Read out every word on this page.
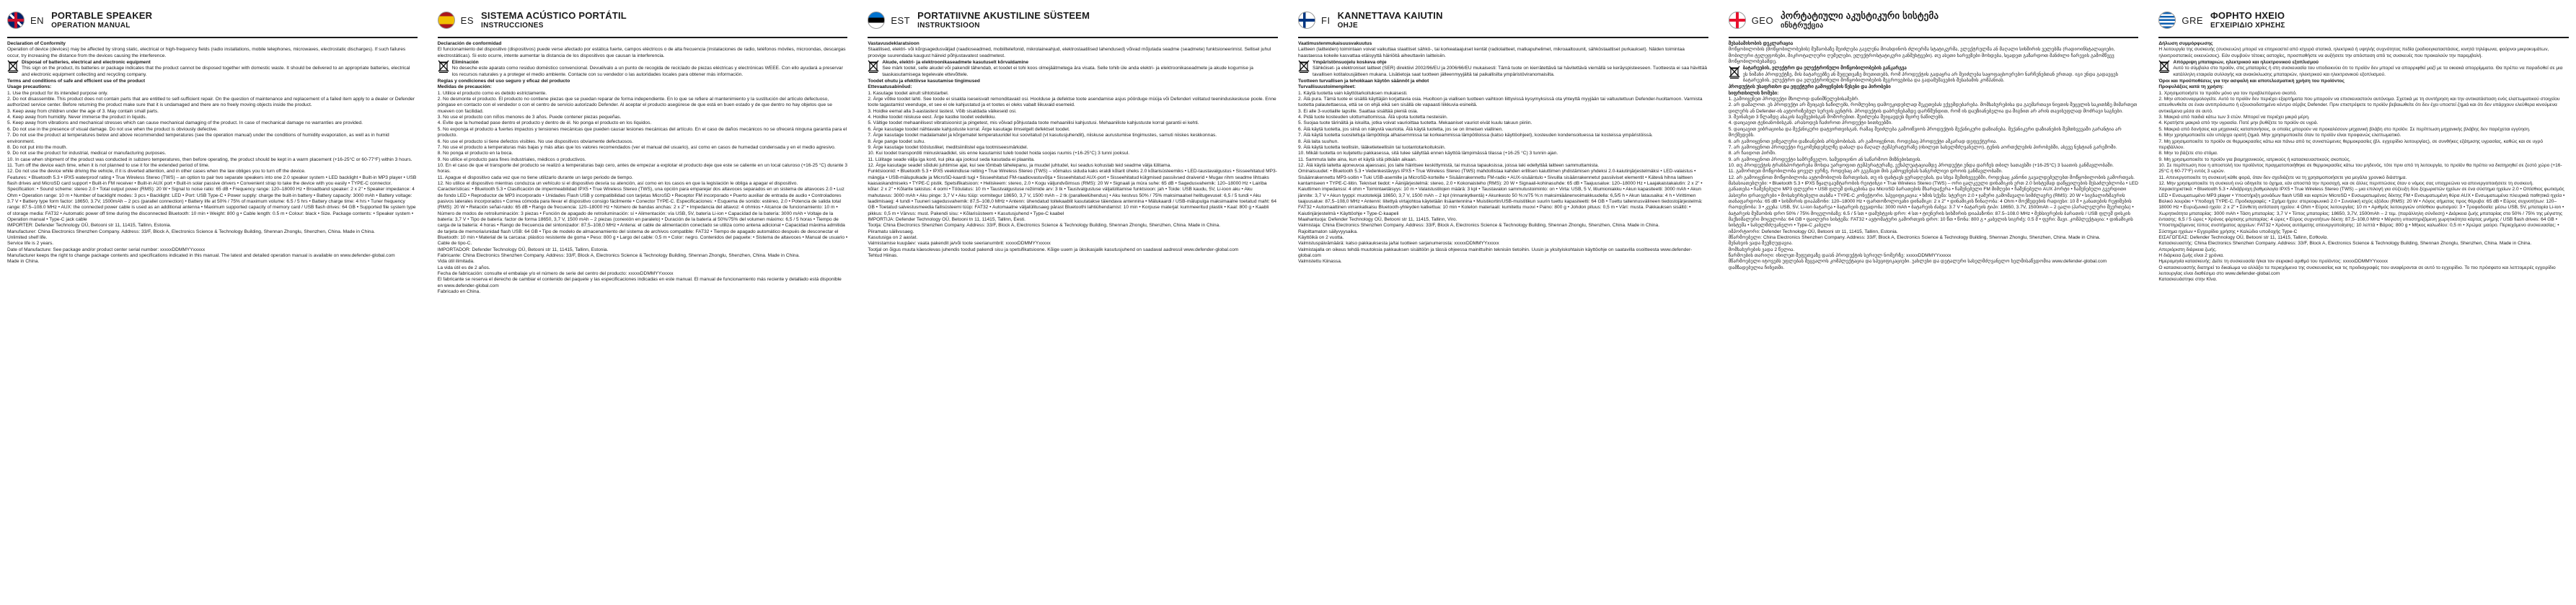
EN PORTABLE SPEAKER
OPERATION MANUAL

Declaration of Conformity

Operation of device (devices) may be affected by strong static, electrical or high-frequency fields (radio installations, mobile telephones, microwaves, electrostatic discharges). If such failures occur, try increasing the distance from the devices causing the interference.

Disposal of batteries, electrical and electronic equipment

This sign on the product, its batteries or package indicates that the product cannot be disposed together with domestic waste. It should be delivered to an appropriate batteries, electrical and electronic equipment collecting and recycling company.

Terms and conditions of safe and efficient use of the product

Usage precautions:

1. Use the product for its intended purpose only.

2. Do not disassemble. This product does not contain parts that are entitled to self-sufficient repair. On the question of maintenance and replacement of a failed item apply to a dealer or Defender authorized service center. Before returning the product make sure that it is undamaged and there are no freely moving objects inside the product.

3. Keep away from children under the age of 3. May contain small parts.

4. Keep away from humidity. Never immerse the product in liquids.

5. Keep away from vibrations and mechanical stresses which can cause mechanical damaging of the product. In case of mechanical damage no warranties are provided.

6. Do not use in the presence of visual damage. Do not use when the product is obviously defective.

7. Do not use the product at temperatures below and above recommended temperatures (see the operation manual) under the conditions of humidity evaporation, as well as in humid environment.

8. Do not put into the mouth.

9. Do not use the product for industrial, medical or manufacturing purposes.

10. In case when shipment of the product was conducted in subzero temperatures, then before operating, the product should be kept in a warm placement (+16-25°C or 60-77°F) within 3 hours.

11. Turn off the device each time, when it is not planned to use it for the extended period of time.

12. Do not use the device while driving the vehicle, if it is diverted attention, and in other cases when the law obliges you to turn off the device.

Features: • Bluetooth 5.3 • IPX5 waterproof rating • True Wireless Stereo (TWS) – an option to pair two separate speakers into one 2.0 speaker system • LED backlight • Built-in MP3 player • USB flash drives and MicroSD card support • Built-in FM receiver • Built-in AUX port • Built-in solar passive drivers • Convenient strap to take the device with you easily • TYPE-C connector. Specification: • Sound scheme: stereo 2.0 • Total output power (RMS): 20 W • Signal to noise ratio: 65 dB • Frequency range: 120–18000 Hz • Broadband speaker: 2 x 2" • Speaker impedance: 4 Ohm • Operation range: 10 m • Number of backlight modes: 3 pcs • Backlight: LED • Port: USB Type-C • Power supply: charge the built-in battery • Battery capacity: 3000 mAh • Battery voltage: 3.7 V • Battery type form factor: 18650, 3.7V, 1500mAh – 2 pcs (parallel connection) • Battery life at 50% / 75% of maximum volume: 6.5 / 5 hrs • Battery charge time: 4 hrs • Tuner frequency range: 87.5–108.0 MHz • AUX: the connected power cable is used as an additional antenna • Maximum supported capacity of memory card / USB flash drives: 64 GB • Supported file system type of storage media: FAT32 • Automatic power off time during the disconnected Bluetooth: 10 min • Weight: 800 g • Cable length: 0.5 m • Colour: black • Size. Package contents: • Speaker system • Operation manual • Type-C jack cable

IMPORTER: Defender Technology OÜ, Betooni str 11, 11415, Tallinn, Estonia.

Manufacturer: China Electronics Shenzhen Company. Address: 33/F, Block A, Electronics Science & Technology Building, Shennan Zhonglu, Shenzhen, China. Made in China.

Unlimited shelf life.

Service life is 2 years.

Date of Manufacture: See package and/or product center serial number: xxxxxDDMMYYxxxxx

Manufacturer keeps the right to change package contents and specifications indicated in this manual. The latest and detailed operation manual is available on www.defender-global.com

Made in China.

ES SISTEMA ACÚSTICO PORTÁTIL
INSTRUCCIONES

Declaración de conformidad

El funcionamiento del dispositivo (dispositivos) puede verse afectado por estática fuerte, campos eléctricos o de alta frecuencia (instalaciones de radio, teléfonos móviles, microondas, descargas electrostáticas). Si esto ocurre, intente aumentar la distancia de los dispositivos que causan la interferencia.

Eliminación

No deseche este aparato como residuo doméstico convencional. Devuélvalo a un punto de recogida de reciclado de piezas eléctricas y electrónicas WEEE. Con ello ayudará a preservar los recursos naturales y a proteger el medio ambiente. Contacte con su vendedor o las autoridades locales para obtener más información.

Reglas y condiciones del uso seguro y eficaz del producto

Medidas de precaución:

1. Utilice el producto como es debido estrictamente.

2. No desmonte el producto. El producto no contiene piezas que se puedan reparar de forma independiente. En lo que se refiere al mantenimiento y la sustitución del artículo defectuoso, póngase en contacto con el vendedor o con el centro de servicio autorizado Defender. Al aceptar el producto asegúrese de que está en buen estado y de que dentro no hay objetos que se mueven con facilidad.

3. No use el producto con niños menores de 3 años. Puede contener piezas pequeñas.

4. Evite que la humedad pase dentro el producto y dentro de él. No ponga el producto en los líquidos.

5. No exponga el producto a fuertes impactos y tensiones mecánicas que pueden causar lesiones mecánicas del artículo. En el caso de daños mecánicos no se ofrecerá ninguna garantía para el producto.

6. No use el producto si tiene defectos visibles. No use dispositivos obviamente defectuosos.

7. No use el producto a temperaturas más bajas y más altas que los valores recomendados (ver el manual del usuario), así como en casos de humedad condensada y en el medio agresivo.

8. No ponga el producto en la boca.

9. No utilice el producto para fines industriales, médicos o productivos.

10. En el caso de que el transporte del producto se realizó a temperaturas bajo cero, antes de empezar a explotar el producto deje que este se caliente en un local caluroso (+16-25 °C) durante 3 horas.

11. Apague el dispositivo cada vez que no tiene utilizarlo durante un largo periodo de tiempo.

12. No utilice el dispositivo mientras conduzca un vehículo si el dispositivo desvía su atención, así como en los casos en que la legislación le obliga a apagar el dispositivo.

Características: • Bluetooth 5.3 • Clasificación de impermeabilidad IPX5 • True Wireless Stereo (TWS), una opción para emparejar dos altavoces separados en un sistema de altavoces 2.0 • Luz de fondo LED • Reproductor de MP3 incorporado • Unidades Flash USB y compatibilidad con tarjetas MicroSD • Receptor FM incorporado • Puerto auxiliar de entrada de audio • Controladores pasivos laterales incorporados • Correa cómoda para llevar el dispositivo consigo fácilmente • Conector TYPE-C. Especificaciones: • Esquema de sonido: estéreo, 2.0 • Potencia de salida total (RMS): 20 W • Relación señal-ruido: 65 dB • Rango de frecuencia: 120–18000 Hz • Número de bandas anchas: 2 x 2" • Impedancia del altavoz: 4 ohmios • Alcance de funcionamiento: 10 m • Número de modos de retroiluminación: 3 piezas • Función de apagado de retroiluminación: sí • Alimentación: vía USB, 5V, batería Li-ion • Capacidad de la batería: 3000 mAh • Voltaje de la batería: 3,7 V • Tipo de batería: factor de forma 18650, 3,7 V, 1500 mAh – 2 piezas (conexión en paralelo) • Duración de la batería al 50%/75% del volumen máximo: 6,5 / 5 horas • Tiempo de carga de la batería: 4 horas • Rango de frecuencia del sintonizador: 87,5–108,0 MHz • Antena: el cable de alimentación conectado se utiliza como antena adicional • Capacidad máxima admitida de tarjeta de memoria/unidad flash USB: 64 GB • Tipo de modelo de almacenamiento del sistema de archivos compatible: FAT32 • Tiempo de apagado automático después de desconectar el Bluetooth: 10 min • Material de la carcasa: plástico resistente de goma • Peso: 800 g • Largo del cable: 0,5 m • Color: negro. Contenidos del paquete: • Sistema de altavoces • Manual de usuario • Cable de tipo-C.

IMPORTADOR: Defender Technology OÜ, Betooni str 11, 11415, Tallinn, Estonia.

Fabricante: China Electronics Shenzhen Company. Address: 33/F, Block A, Electronics Science & Technology Building, Shennan Zhonglu, Shenzhen, China. Made in China.

Vida útil ilimitada.

La vida útil es de 2 años.

Fecha de fabricación: consulte el embalaje y/o el número de serie del centro del producto: xxxxxDDMMYYxxxxx

El fabricante se reserva el derecho de cambiar el contenido del paquete y las especificaciones indicadas en este manual. El manual de funcionamiento más reciente y detallado está disponible en www.defender-global.com

Fabricado en China.

EST PORTATIIVNE AKUSTILINE SÜSTEEM
INSTRUKTSIOON

Vastavusdeklaratsioon

Staatilised, elektri- või kõrgsagedusväljad (raadioseadmed, mobiiltelefonid, mikrolaineahjud, elektrostaatilised lahendused) võivad mõjutada seadme (seadmete) funktsioneerimist. Sellisel juhul proovige suurendada kaugust häireid põhjustavatest seadmetest.

Akude, elektri- ja elektroonikaseadmete kasutuselt kõrvaldamine

See märk tootel, selle akudel või pakendil tähendab, et toodet ei tohi koos olmejäätmetega ära visata. Selle tohib üle anda elektri- ja elektroonikaseadmete ja akude kogumise ja taaskasutamisega tegelevale ettevõttele.

Toodet ohutu ja efektiivse kasutamise tingimused

Ettevaatusabinõud:

1. Kasutage toodet ainult sihtotstarbel.

2. Ärge võtke toodet lahti. See toode ei sisalda iseseisvalt remonditavaid osi. Hoolduse ja defektse toote asendamise asjus pöörduge müüja või Defenderi volitatud teeninduskeskuse poole. Enne toote tagastamist veenduge, et see ei ole kahjustatud ja et tootes ei oleks vabalt liikuvaid esemeid.

3. Hoidke eemal alla 3-aastastest lastest. Võib sisaldada väikeseid osi.

4. Hoidke toodet niiskuse eest. Ärge kastke toodet vedelikku.

5. Vältige toodet mehaanilisest vibratsioonist ja pingetest, mis võivad põhjustada toote mehaanilisi kahjustusi. Mehaaniliste kahjustuste korral garantii ei kehti.

6. Ärge kasutage toodet nähtavate kahjustuste korral. Ärge kasutage ilmselgelt defektset toodet.

7. Ärge kasutage toodet madalamatel ja kõrgematel temperatuuridel kui soovitatud (vt kasutusjuhendit), niiskuse aurustumise tingimustes, samuti niiskes keskkonnas.

8. Ärge pange toodet suhu.

9. Ärge kasutage toodet tööstuslikel, meditsiinilistel ega tootmiseesmärkidel.

10. Kui toodet transporditi miinuskraadidel, siis enne kasutamist tuleb toodet hoida soojas ruumis (+16-25°C) 3 tunni jooksul.

11. Lülitage seade välja iga kord, kui pika aja jooksul seda kasutada ei plaanita.

12. Ärge kasutage seadet sõiduki juhtimise ajal, kui see tõmbab tähelepanu, ja muudel juhtudel, kui seadus kohustab teid seadme välja lülitama.

Funktsioonid: • Bluetooth 5.3 • IPX5 veekindluse reiting • True Wireless Stereo (TWS) – võimalus siduda kaks eraldi kõlarit üheks 2.0 kõlarisüsteemiks • LED-taustavalgustus • Sisseehitatud MP3-mängija • USB-mälupulkade ja MicroSD-kaardi tugi • Sisseehitatud FM-raadiovastuvõtja • Sisseehitatud AUX-port • Sisseehitatud külgmised passiivsed draiverid • Mugav rihm seadme lihtsaks kaasaskandmiseks • TYPE-C pistik. Spetsifikatsioon: • Heliskeem: stereo, 2.0 • Kogu väljundvõimsus (RMS): 20 W • Signaali ja müra suhe: 65 dB • Sagedusvahemik: 120–18000 Hz • Lairiba kõlar: 2 x 2" • Kõlarite takistus: 4 oomi • Tööulatus: 10 m • Taustvalgustuse režiimide arv: 3 tk • Taustvalgustuse väljalülitamise funktsioon: jah • Toide: USB kaudu, 5V, Li-ioon aku • Aku mahutavus: 3000 mAh • Aku pinge: 3,7 V • Aku tüüp: vormitegur 18650, 3,7 V, 1500 mAh – 2 tk (paralleelühendus) • Aku kestvus 50% / 75% maksimaalsel helitugevusel: 6,5 / 5 tundi • Aku laadimisaeg: 4 tundi • Tuuneri sagedusvahemik: 87,5–108,0 MHz • Antenn: ühendatud toitekaablit kasutatakse täiendava antennina • Mälukaardi / USB-mälupulga maksimaalne toetatud maht: 64 GB • Toetatud salvestusmeedia failisüsteemi tüüp: FAT32 • Automaatne väljalülitusaeg pärast Bluetoothi lahtiühendamist: 10 min • Korpuse materjal: kummeeritud plastik • Kaal: 800 g • Kaabli pikkus: 0,5 m • Värvus: must. Pakendi sisu: • Kõlarisüsteem • Kasutusjuhend • Type-C kaabel

IMPORTIJA: Defender Technology OÜ, Betooni tn 11, 11415, Tallinn, Eesti.

Tootja: China Electronics Shenzhen Company. Address: 33/F, Block A, Electronics Science & Technology Building, Shennan Zhonglu, Shenzhen, China. Made in China.

Piiramatu säilivusaeg.

Kasutusiga on 2 aastat.

Valmistamise kuupäev: vaata pakendit ja/või toote seerianumbrit: xxxxxDDMMYYxxxxx

Tootjal on õigus muuta käesolevas juhendis toodud pakendi sisu ja spetsifikatsioone. Kõige uuem ja üksikasjalik kasutusjuhend on saadaval aadressil www.defender-global.com

Tehtud Hiinas.

FI KANNETTAVA KAIUTIN
OHJE

Vaatimustenmukaisuusvakuutus

Laitteen (laitteiden) toimintaan voivat vaikuttaa staattiset sähkö-, tai korkeataajuiset kentät (radiolaitteet, matkapuhelimet, mikroaaltouunit, sähköstaattiset purkaukset). Näiden toimintaa haastaessa kokeile kasvattaa etäisyyttä häiriöitä aiheuttaviin laitteisiin.

Ympäristönsuojelu koskeva ohje

Sähköiset- ja elektroniset laitteet (SER) direktiivi 2002/96/EU ja 2006/66/EU mukaisesti: Tämä tuote on kierrätettävä tai hävitettävä viemällä se keräyspisteeseen. Tuotteesta ei saa hävittää tavallisen kotitalousjätteen mukana. Lisätietoja saat tuotteen jälleenmyyjältä tai paikallisilta ympäristöviranomaisilta.

Tuotteen turvallisen ja tehokkaan käytön säännöt ja ehdot

Turvallisuustoimenpiteet:

1. Käytä tuotetta vain käyttötarkoituksen mukaisesti.

2. Älä pura. Tämä tuote ei sisällä käyttäjän korjattavia osia. Huoltoon ja viallisen tuotteen vaihtoon liittyvissä kysymyksissä ota yhteyttä myyjään tai valtuutettuun Defender-huoltamoon. Varmista tuotetta palautettaessa, että se on ehjä eikä sen sisällä ole vapaasti liikkuvia esineitä.

3. Ei alle 3-vuotiaille lapsille. Saattaa sisältää pieniä osia.

4. Pidä tuote kosteuden ulottumattomissa. Älä upota tuotetta nesteisiin.

5. Suojaa tuote tärinältä ja iskuilta, jotka voivat vaurioittaa tuotetta. Mekaaniset vauriot eivät kuulu takuun piiriin.

6. Älä käytä tuotetta, jos siinä on näkyviä vaurioita. Älä käytä tuotetta, jos se on ilmeisen viallinen.

7. Älä käytä tuotetta suositeltuja lämpötiloja alhaisemmissa tai korkeammissa lämpötiloissa (katso käyttöohjeet), kosteuden kondensoituessa tai kosteissa ympäristöissä.

8. Älä laita suuhun.

9. Älä käytä tuotetta teollisiin, lääketieteellisiin tai tuotantotarkoituksiin.

10. Mikäli tuotetta on kuljetettu pakkasessa, sitä tulee säilyttää ennen käyttöä lämpimässä tilassa (+16-25 °C) 3 tunnin ajan.

11. Sammuta laite aina, kun et käytä sitä pitkään aikaan.

12. Älä käytä laitetta ajoneuvoa ajaessasi, jos laite häiritsee keskittymistä, tai muissa tapauksissa, joissa laki edellyttää laitteen sammuttamista.

Ominaisuudet: • Bluetooth 5.3 • Vedenkestävyys IPX5 • True Wireless Stereo (TWS) mahdollistaa kahden erillisen kaiuttimen yhdistämisen yhdeksi 2.0-kaiutinjärjestelmäksi • LED-valaistus • Sisäänrakennettu MP3-soitin • Tuki USB-asemille ja MicroSD-korteille • Sisäänrakennettu FM-radio • AUX-sisääntulo • Sivuilla sisäänrakennetut passiiviset elementit • Kätevä hihna laitteen kantamiseen • TYPE-C-liitin. Tekniset tiedot: • Äänijärjestelmä: stereo, 2.0 • Kokonaisteho (RMS): 20 W • Signaali-kohinasuhde: 65 dB • Taajuusalue: 120–18000 Hz • Laajakaistakaiutin: 2 x 2" • Kaiuttimen impedanssi: 4 ohm • Toimintaetäisyys: 10 m • Valaistustilojen määrä: 3 kpl • Taustavalon sammutustoiminto: on • Virta: USB, 5 V, litiumioniakku • Akun kapasiteetti: 3000 mAh • Akun jännite: 3,7 V • Akun tyyppi: muototekijä 18650, 3,7 V, 1500 mAh – 2 kpl (rinnankytkentä) • Akunkesto 50 %:n/75 %:n maksimiäänenvoimakkuudella: 6,5/5 h • Akun latausaika: 4 h • Virittimen taajuusalue: 87,5–108,0 MHz • Antenni: liitettyä virtajohtoa käytetään lisäantennina • Muistikortin/USB-muistitikun suurin tuettu kapasiteetti: 64 GB • Tuettu tallennusvälineen tiedostojärjestelmä: FAT32 • Automaattinen virrankatkaisu Bluetooth-yhteyden katkettua: 10 min • Kotelon materiaali: kumitettu muovi • Paino: 800 g • Johdon pituus: 0,5 m • Väri: musta. Pakkauksen sisältö: • Kaiutinjärjestelmä • Käyttöohje • Type-C-kaapeli

Maahantuoja: Defender Technology OÜ, Betooni str 11, 11415, Tallinn, Viro.

Valmistaja: China Electronics Shenzhen Company. Address: 33/F, Block A, Electronics Science & Technology Building, Shennan Zhonglu, Shenzhen, China. Made in China.

Rajoittamaton säilyvyysaika.

Käyttöikä on 2 vuotta.

Valmistuspäivämäärä: katso pakkauksesta ja/tai tuotteen sarjanumerosta: xxxxxDDMMYYxxxxx

Valmistajalla on oikeus tehdä muutoksia pakkauksen sisältöön ja tässä ohjeessa mainittuihin teknisiin tietoihin. Uusin ja yksityiskohtaisin käyttöohje on saatavilla osoitteesta www.defender-global.com

Valmistettu Kiinassa.

GEO პორტატიული აკუსტიკური სისტემა
ინსტრუქცია

შესაბამისობის დეკლარაცია

მოწყობილობის (მოწყობილობების) მუშაობაზე შეიძლება გავლენა მოახდინოს ძლიერმა სტატიკურმა, ელექტრულმა ან მაღალი სიხშირის ველებმა (რადიოინსტალაციები, მობილური ტელეფონები, მიკროტალღური ღუმელები, ელექტროსტატიკური განმუხტვები). თუ ასეთი ხარვეზები მოხდება, სცადეთ გაზარდოთ მანძილი ჩარევის გამომწვევ მოწყობილობებამდე.

ბატარეების, ელექტრო და ელექტრონული მოწყობილობების განკარგვა

ეს ნიშანი პროდუქტზე, მის ბატარეებზე ან შეფუთვაზე მიუთითებს, რომ პროდუქტის გადაყრა არ შეიძლება საყოფაცხოვრებო ნარჩენებთან ერთად. იგი უნდა გადაეცეს ბატარეების, ელექტრო და ელექტრონული მოწყობილობების შეგროვებისა და გადამუშავების შესაბამის კომპანიას.

პროდუქტის უსაფრთხო და ეფექტური გამოყენების წესები და პირობები

სიფრთხილის ზომები:

1. გამოიყენეთ პროდუქტი მხოლოდ დანიშნულებისამებრ.

2. არ დაშალოთ. ეს პროდუქტი არ შეიცავს ნაწილებს, რომლებიც დამოუკიდებლად შეკეთებას ექვემდებარება. მომსახურებისა და გაუმართავი ნივთის შეცვლის საკითხზე მიმართეთ დილერს ან Defender-ის ავტორიზებულ სერვის ცენტრს. პროდუქტის დაბრუნებამდე დარწმუნდით, რომ ის დაუზიანებელია და შიგნით არ არის თავისუფლად მოძრავი საგნები.

3. შეინახეთ 3 წლამდე ასაკის ბავშვებისგან მოშორებით. შეიძლება შეიცავდეს მცირე ნაწილებს.

4. დაიცავით ტენიანობისგან. არასოდეს ჩაძიროთ პროდუქტი სითხეებში.

5. დაიცავით ვიბრაციისა და მექანიკური დატვირთვისგან, რამაც შეიძლება გამოიწვიოს პროდუქტის მექანიკური დაზიანება. მექანიკური დაზიანების შემთხვევაში გარანტია არ მოქმედებს.

6. არ გამოიყენოთ ვიზუალური დაზიანების არსებობისას. არ გამოიყენოთ, როდესაც პროდუქტი აშკარად დეფექტურია.

7. არ გამოიყენოთ პროდუქტი რეკომენდებულზე დაბალ და მაღალ ტემპერატურაზე (იხილეთ სახელმძღვანელო), ტენის აორთქლების პირობებში, ასევე ნესტიან გარემოში.

8. არ ჩაიდოთ პირში.

9. არ გამოიყენოთ პროდუქტი სამრეწველო, სამედიცინო ან საწარმოო მიზნებისთვის.

10. თუ პროდუქტის ტრანსპორტირება მოხდა უარყოფით ტემპერატურაზე, ექსპლუატაციამდე პროდუქტი უნდა დარჩეს თბილ სათავსში (+16-25°C) 3 საათის განმავლობაში.

11. გამორთეთ მოწყობილობა ყოველ ჯერზე, როდესაც არ გეგმავთ მის გამოყენებას ხანგრძლივი დროის განმავლობაში.

12. არ გამოიყენოთ მოწყობილობა ავტომობილის მართვისას, თუ ის ფანტავს ყურადღებას, და სხვა შემთხვევებში, როდესაც კანონი გავალდებულებთ მოწყობილობის გამორთვას.

მახასიათებლები: • Bluetooth 5.3 • IPX5 წყალგაუმტარობის რეიტინგი • True Wireless Stereo (TWS) – ორი ცალკეული დინამიკის ერთ 2.0 სისტემად დაწყვილების შესაძლებლობა • LED განათება • ჩაშენებული MP3 ფლეერი • USB ფლეშ დისკებისა და MicroSD ბარათების მხარდაჭერა • ჩაშენებული FM მიმღები • ჩაშენებული AUX პორტი • ჩაშენებული გვერდითი პასიური დრაივერები • მოსახერხებელი თასმა • TYPE-C კონექტორი. სპეციფიკაცია: • ხმის სქემა: სტერეო 2.0 • ჯამური გამომავალი სიმძლავრე (RMS): 20 W • სიგნალი/ხმაურის თანაფარდობა: 65 dB • სიხშირის დიაპაზონი: 120–18000 Hz • ფართოზოლოვანი დინამიკი: 2 x 2" • დინამიკის წინაღობა: 4 Ohm • მოქმედების რადიუსი: 10 მ • განათების რეჟიმების რაოდენობა: 3 • კვება: USB, 5V, Li-ion ბატარეა • ბატარეის ტევადობა: 3000 mAh • ბატარეის ძაბვა: 3.7 V • ბატარეის ტიპი: 18650, 3.7V, 1500mAh – 2 ცალი (პარალელური შეერთება) • ბატარეის მუშაობის დრო 50% / 75% მოცულობაზე: 6.5 / 5 სთ • დამუხტვის დრო: 4 სთ • ტიუნერის სიხშირის დიაპაზონი: 87.5–108.0 MHz • მეხსიერების ბარათის / USB ფლეშ დისკის მაქსიმალური მოცულობა: 64 GB • ფაილური სისტემა: FAT32 • ავტომატური გამორთვის დრო: 10 წთ • წონა: 800 გ • კაბელის სიგრძე: 0.5 მ • ფერი: შავი. კომპლექტაცია: • დინამიკის სისტემა • სახელმძღვანელო • Type-C კაბელი

იმპორტიორი: Defender Technology OÜ, Betooni str 11, 11415, Tallinn, Estonia.

მწარმოებელი: China Electronics Shenzhen Company. Address: 33/F, Block A, Electronics Science & Technology Building, Shennan Zhonglu, Shenzhen, China. Made in China.

შენახვის ვადა შეუზღუდავია.

მომსახურების ვადა 2 წელია.

წარმოების თარიღი: იხილეთ შეფუთვაზე და/ან პროდუქტის სერიულ ნომერზე: xxxxxDDMMYYxxxxx

მწარმოებელი იტოვებს უფლებას შეცვალოს კომპლექტაცია და სპეციფიკაციები. უახლესი და დეტალური სახელმძღვანელო ხელმისაწვდომია www.defender-global.com

დამზადებულია ჩინეთში.

GRE ΦΟΡΗΤΟ ΗΧΕΙΟ
ΕΓΧΕΙΡΙΔΙΟ ΧΡΗΣΗΣ

Δήλωση συμμόρφωσης

Η λειτουργία της συσκευής (συσκευών) μπορεί να επηρεαστεί από ισχυρά στατικά, ηλεκτρικά ή υψηλής συχνότητας πεδία (ραδιοεγκαταστάσεις, κινητά τηλέφωνα, φούρνοι μικροκυμάτων, ηλεκτροστατικές εκκενώσεις). Εάν συμβούν τέτοιες αστοχίες, προσπαθήστε να αυξήσετε την απόσταση από τις συσκευές που προκαλούν την παρεμβολή.

Απόρριψη μπαταριών, ηλεκτρικού και ηλεκτρονικού εξοπλισμού

Αυτό το σύμβολο στο προϊόν, στις μπαταρίες ή στη συσκευασία του υποδεικνύει ότι το προϊόν δεν μπορεί να απορριφθεί μαζί με τα οικιακά απορρίμματα. Θα πρέπει να παραδοθεί σε μια κατάλληλη εταιρεία συλλογής και ανακύκλωσης μπαταριών, ηλεκτρικού και ηλεκτρονικού εξοπλισμού.

Όροι και προϋποθέσεις για την ασφαλή και αποτελεσματική χρήση του προϊόντος

Προφυλάξεις κατά τη χρήση:

1. Χρησιμοποιήστε το προϊόν μόνο για τον προβλεπόμενο σκοπό.

2. Μην αποσυναρμολογείτε. Αυτό το προϊόν δεν περιέχει εξαρτήματα που μπορούν να επισκευαστούν αυτόνομα. Σχετικά με τη συντήρηση και την αντικατάσταση ενός ελαττωματικού στοιχείου απευθυνθείτε σε έναν αντιπρόσωπο ή εξουσιοδοτημένο κέντρο σέρβις Defender. Πριν επιστρέψετε το προϊόν βεβαιωθείτε ότι δεν έχει υποστεί ζημιά και ότι δεν υπάρχουν ελεύθερα κινούμενα αντικείμενα μέσα σε αυτό.

3. Μακριά από παιδιά κάτω των 3 ετών. Μπορεί να περιέχει μικρά μέρη.

4. Κρατήστε μακριά από την υγρασία. Ποτέ μην βυθίζετε το προϊόν σε υγρά.

5. Μακριά από δονήσεις και μηχανικές καταπονήσεις, οι οποίες μπορούν να προκαλέσουν μηχανική βλάβη στο προϊόν. Σε περίπτωση μηχανικής βλάβης δεν παρέχεται εγγύηση.

6. Μην χρησιμοποιείτε εάν υπάρχει ορατή ζημιά. Μην χρησιμοποιείτε όταν το προϊόν είναι προφανώς ελαττωματικό.

7. Μη χρησιμοποιείτε το προϊόν σε θερμοκρασίες κάτω και πάνω από τις συνιστώμενες θερμοκρασίες (βλ. εγχειρίδιο λειτουργίας), σε συνθήκες εξάτμισης υγρασίας, καθώς και σε υγρό περιβάλλον.

8. Μην το βάζετε στο στόμα.

9. Μη χρησιμοποιείτε το προϊόν για βιομηχανικούς, ιατρικούς ή κατασκευαστικούς σκοπούς.

10. Σε περίπτωση που η αποστολή του προϊόντος πραγματοποιήθηκε σε θερμοκρασίες κάτω του μηδενός, τότε πριν από τη λειτουργία, το προϊόν θα πρέπει να διατηρηθεί σε ζεστό χώρο (+16-25°C ή 60-77°F) εντός 3 ωρών.

11. Απενεργοποιείτε τη συσκευή κάθε φορά, όταν δεν σχεδιάζετε να τη χρησιμοποιήσετε για μεγάλο χρονικό διάστημα.

12. Μην χρησιμοποιείτε τη συσκευή ενώ οδηγείτε το όχημα, εάν αποσπά την προσοχή, και σε άλλες περιπτώσεις όταν ο νόμος σας υποχρεώνει να απενεργοποιήσετε τη συσκευή.

Χαρακτηριστικά: • Bluetooth 5.3 • Αδιάβροχη βαθμολογία IPX5 • True Wireless Stereo (TWS) – μια επιλογή για σύζευξη δύο ξεχωριστών ηχείων σε ένα σύστημα ηχείων 2.0 • Οπίσθιος φωτισμός LED • Ενσωματωμένο MP3 player • Υποστήριξη μονάδων flash USB και καρτών MicroSD • Ενσωματωμένος δέκτης FM • Ενσωματωμένη θύρα AUX • Ενσωματωμένα πλευρικά παθητικά ηχεία • Βολικό λουράκι • Υποδοχή TYPE-C. Προδιαγραφές: • Σχήμα ήχου: στερεοφωνικό 2.0 • Συνολική ισχύς εξόδου (RMS): 20 W • Λόγος σήματος προς θόρυβο: 65 dB • Εύρος συχνοτήτων: 120–18000 Hz • Ευρυζωνικό ηχείο: 2 x 2" • Σύνθετη αντίσταση ηχείου: 4 Ohm • Εύρος λειτουργίας: 10 m • Αριθμός λειτουργιών οπίσθιου φωτισμού: 3 • Τροφοδοσία: μέσω USB, 5V, μπαταρία Li-ion • Χωρητικότητα μπαταρίας: 3000 mAh • Τάση μπαταρίας: 3,7 V • Τύπος μπαταρίας: 18650, 3,7V, 1500mAh – 2 τεμ. (παράλληλη σύνδεση) • Διάρκεια ζωής μπαταρίας στο 50% / 75% της μέγιστης έντασης: 6,5 / 5 ώρες • Χρόνος φόρτισης μπαταρίας: 4 ώρες • Εύρος συχνοτήτων δέκτη: 87,5–108,0 MHz • Μέγιστη υποστηριζόμενη χωρητικότητα κάρτας μνήμης / USB flash drives: 64 GB • Υποστηριζόμενος τύπος συστήματος αρχείων: FAT32 • Χρόνος αυτόματης απενεργοποίησης: 10 λεπτά • Βάρος: 800 g • Μήκος καλωδίου: 0,5 m • Χρώμα: μαύρο. Περιεχόμενο συσκευασίας: • Σύστημα ηχείων • Εγχειρίδιο χρήσης • Καλώδιο υποδοχής Type-C

ΕΙΣΑΓΩΓΕΑΣ: Defender Technology OÜ, Betooni str 11, 11415, Tallinn, Εσθονία.

Κατασκευαστής: China Electronics Shenzhen Company. Address: 33/F, Block A, Electronics Science & Technology Building, Shennan Zhonglu, Shenzhen, China. Made in China.

Απεριόριστη διάρκεια ζωής.

Η διάρκεια ζωής είναι 2 χρόνια.

Ημερομηνία κατασκευής: Δείτε τη συσκευασία ή/και τον σειριακό αριθμό του προϊόντος: xxxxxDDMMYYxxxxx

Ο κατασκευαστής διατηρεί το δικαίωμα να αλλάξει τα περιεχόμενα της συσκευασίας και τις προδιαγραφές που αναφέρονται σε αυτό το εγχειρίδιο. Το πιο πρόσφατο και λεπτομερές εγχειρίδιο λειτουργίας είναι διαθέσιμο στο www.defender-global.com

Κατασκευάστηκε στην Κίνα.
